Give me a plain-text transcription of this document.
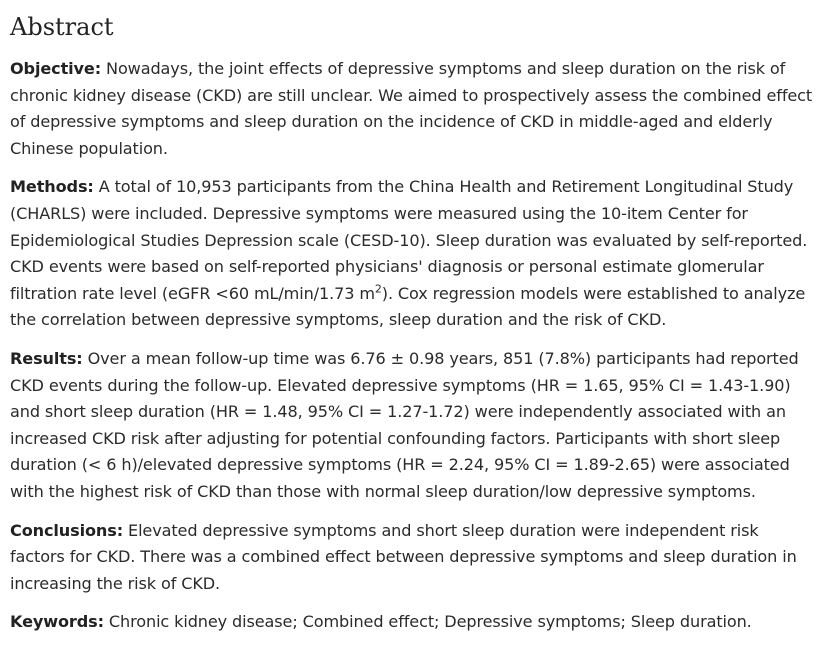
Abstract

Objective: Nowadays, the joint effects of depressive symptoms and sleep duration on the risk of chronic kidney disease (CKD) are still unclear. We aimed to prospectively assess the combined effect of depressive symptoms and sleep duration on the incidence of CKD in middle-aged and elderly Chinese population.

Methods: A total of 10,953 participants from the China Health and Retirement Longitudinal Study (CHARLS) were included. Depressive symptoms were measured using the 10-item Center for Epidemiological Studies Depression scale (CESD-10). Sleep duration was evaluated by self-reported. CKD events were based on self-reported physicians' diagnosis or personal estimate glomerular filtration rate level (eGFR <60 mL/min/1.73 $m^2$). Cox regression models were established to analyze the correlation between depressive symptoms, sleep duration and the risk of CKD.

Results: Over a mean follow-up time was 6.76 ± 0.98 years, 851 (7.8%) participants had reported CKD events during the follow-up. Elevated depressive symptoms (HR = 1.65, 95% CI = 1.43-1.90) and short sleep duration (HR = 1.48, 95% CI = 1.27-1.72) were independently associated with an increased CKD risk after adjusting for potential confounding factors. Participants with short sleep duration (< 6 h)/elevated depressive symptoms (HR = 2.24, 95% CI = 1.89-2.65) were associated with the highest risk of CKD than those with normal sleep duration/low depressive symptoms.

Conclusions: Elevated depressive symptoms and short sleep duration were independent risk factors for CKD. There was a combined effect between depressive symptoms and sleep duration in increasing the risk of CKD.

Keywords: Chronic kidney disease; Combined effect; Depressive symptoms; Sleep duration.
